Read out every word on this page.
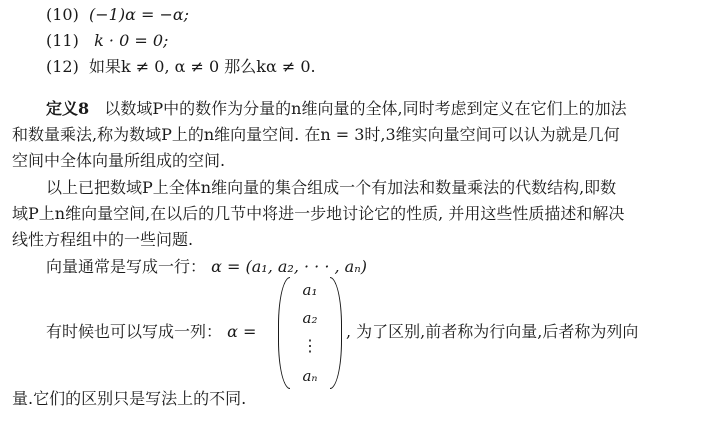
(10) (−1)α = −α;
(11) k · 0 = 0;
(12) 如果k ≠ 0, α ≠ 0 那么kα ≠ 0.
定义8 以数域P中的数作为分量的n维向量的全体,同时考虑到定义在它们上的加法
和数量乘法,称为数域P上的n维向量空间. 在n = 3时,3维实向量空间可以认为就是几何
空间中全体向量所组成的空间.
以上已把数域P上全体n维向量的集合组成一个有加法和数量乘法的代数结构,即数
域P上n维向量空间,在以后的几节中将进一步地讨论它的性质, 并用这些性质描述和解决
线性方程组中的一些问题.
向量通常是写成一行： α = (a₁, a₂, · · · , aₙ)
有时候也可以写成一列： α =
a₁
a₂
⋮
aₙ
, 为了区别,前者称为行向量,后者称为列向
量.它们的区别只是写法上的不同.
